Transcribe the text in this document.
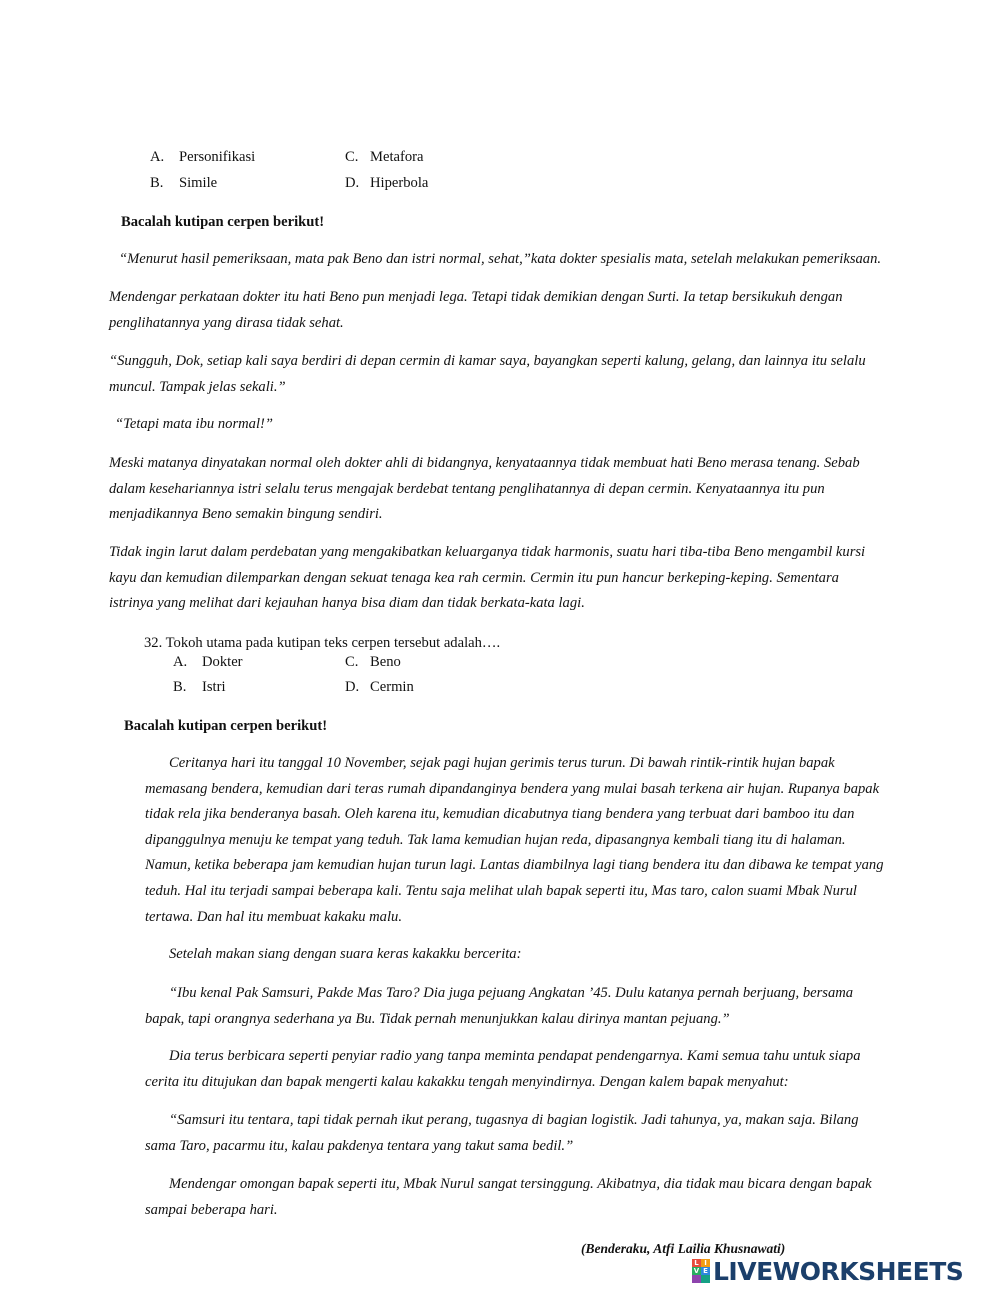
A. Personifikasi
B. Simile
C. Metafora
D. Hiperbola
Bacalah kutipan cerpen berikut!

“Menurut hasil pemeriksaan, mata pak Beno dan istri normal, sehat,”kata dokter spesialis mata, setelah melakukan pemeriksaan.

Mendengar perkataan dokter itu hati Beno pun menjadi lega. Tetapi tidak demikian dengan Surti. Ia tetap bersikukuh dengan

penglihatannya yang dirasa tidak sehat.

“Sungguh, Dok, setiap kali saya berdiri di depan cermin di kamar saya, bayangkan seperti kalung, gelang, dan lainnya itu selalu

muncul. Tampak jelas sekali.”

“Tetapi mata ibu normal!”

Meski matanya dinyatakan normal oleh dokter ahli di bidangnya, kenyataannya tidak membuat hati Beno merasa tenang. Sebab

dalam kesehariannya istri selalu terus mengajak berdebat tentang penglihatannya di depan cermin. Kenyataannya itu pun

menjadikannya Beno semakin bingung sendiri.

Tidak ingin larut dalam perdebatan yang mengakibatkan keluarganya tidak harmonis, suatu hari tiba-tiba Beno mengambil kursi

kayu dan kemudian dilemparkan dengan sekuat tenaga kea rah cermin. Cermin itu pun hancur berkeping-keping. Sementara

istrinya yang melihat dari kejauhan hanya bisa diam dan tidak berkata-kata lagi.

32. Tokoh utama pada kutipan teks cerpen tersebut adalah….
A. Dokter
B. Istri
C. Beno
D. Cermin
Bacalah kutipan cerpen berikut!

Ceritanya hari itu tanggal 10 November, sejak pagi hujan gerimis terus turun. Di bawah rintik-rintik hujan bapak

memasang bendera, kemudian dari teras rumah dipandanginya bendera yang mulai basah terkena air hujan. Rupanya bapak

tidak rela jika benderanya basah. Oleh karena itu, kemudian dicabutnya tiang bendera yang terbuat dari bamboo itu dan

dipanggulnya menuju ke tempat yang teduh. Tak lama kemudian hujan reda, dipasangnya kembali tiang itu di halaman.

Namun, ketika beberapa jam kemudian hujan turun lagi. Lantas diambilnya lagi tiang bendera itu dan dibawa ke tempat yang

teduh. Hal itu terjadi sampai beberapa kali. Tentu saja melihat ulah bapak seperti itu, Mas taro, calon suami Mbak Nurul

tertawa. Dan hal itu membuat kakaku malu.

Setelah makan siang dengan suara keras kakakku bercerita:

“Ibu kenal Pak Samsuri, Pakde Mas Taro? Dia juga pejuang Angkatan ’45. Dulu katanya pernah berjuang, bersama

bapak, tapi orangnya sederhana ya Bu. Tidak pernah menunjukkan kalau dirinya mantan pejuang.”

Dia terus berbicara seperti penyiar radio yang tanpa meminta pendapat pendengarnya. Kami semua tahu untuk siapa

cerita itu ditujukan dan bapak mengerti kalau kakakku tengah menyindirnya. Dengan kalem bapak menyahut:

“Samsuri itu tentara, tapi tidak pernah ikut perang, tugasnya di bagian logistik. Jadi tahunya, ya, makan saja. Bilang

sama Taro, pacarmu itu, kalau pakdenya tentara yang takut sama bedil.”

Mendengar omongan bapak seperti itu, Mbak Nurul sangat tersinggung. Akibatnya, dia tidak mau bicara dengan bapak

sampai beberapa hari.

(Benderaku, Atfi Lailia Khusnawati)
L I
V E LIVEWORKSHEETS
